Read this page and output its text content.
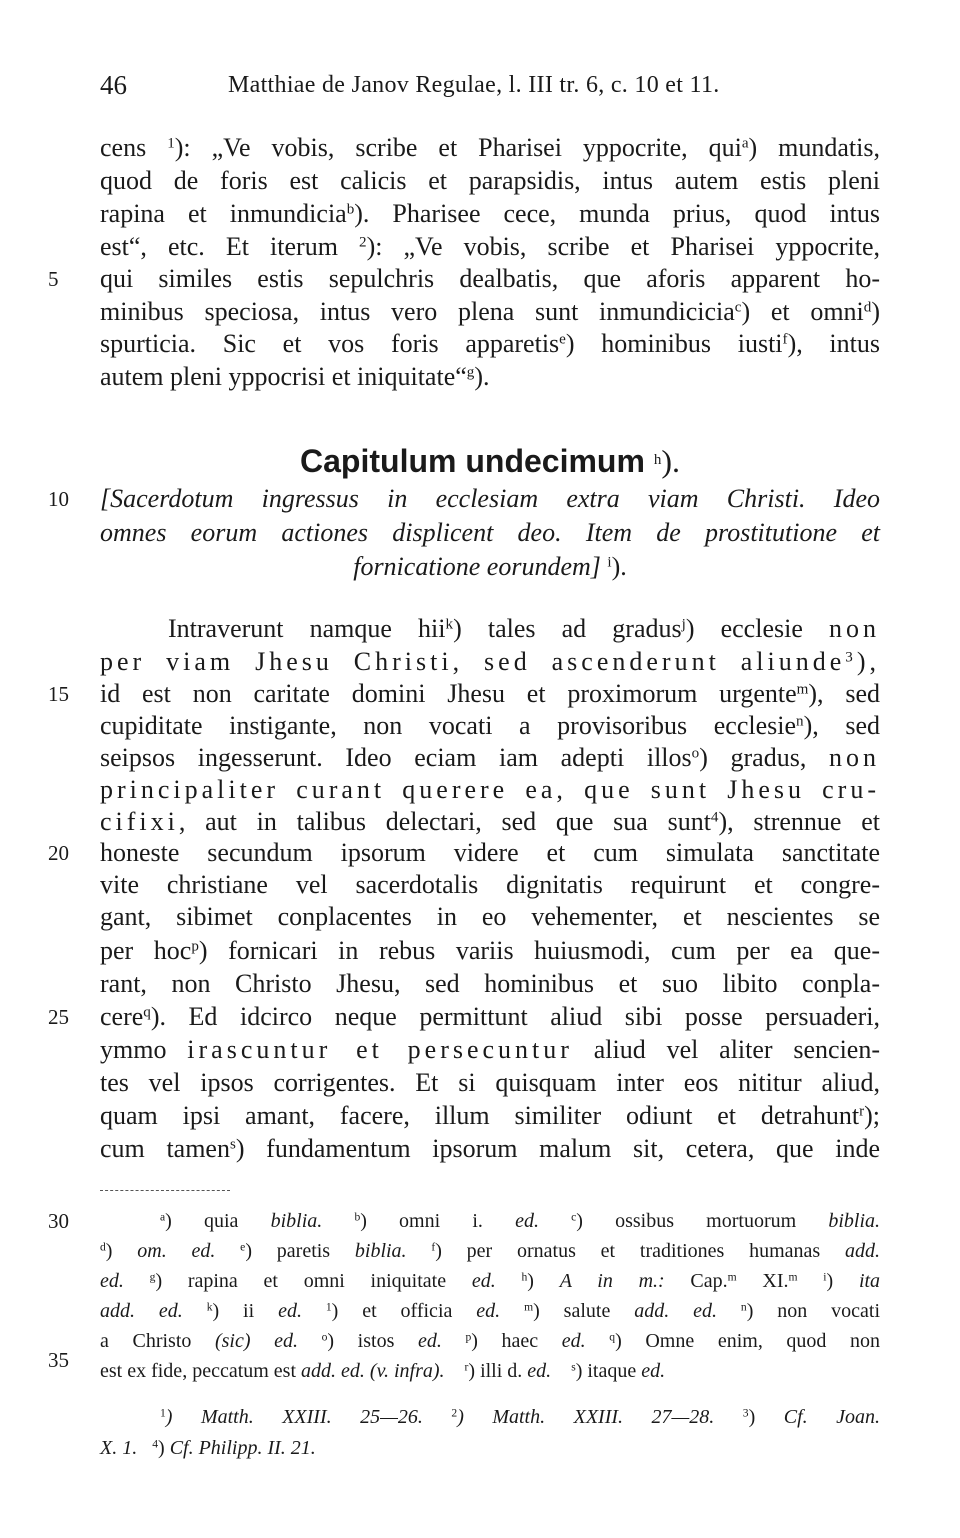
46	Matthiae de Janov Regulae, l. III tr. 6, c. 10 et 11.
5
10
15
20
25
30
35
cens $^1$): „Ve vobis, scribe et Pharisei yppocrite, qui$^a$) mundatis,
quod de foris est calicis et parapsidis, intus autem estis pleni
rapina et inmundicia$^b$). Pharisee cece, munda prius, quod intus
est“, etc. Et iterum $^2$): „Ve vobis, scribe et Pharisei yppocrite,
qui similes estis sepulchris dealbatis, que aforis apparent ho-
minibus speciosa, intus vero plena sunt inmundicicia$^c$) et omni$^d$)
spurticia. Sic et vos foris apparetis$^e$) hominibus iusti$^f$), intus
autem pleni yppocrisi et iniquitate“$^g$).
Capitulum undecimum $^h$).
[Sacerdotum ingressus in ecclesiam extra viam Christi. Ideo
omnes eorum actiones displicent deo. Item de prostitutione et
fornicatione eorundem] $^i$).
Intraverunt namque hii$^k$) tales ad gradus$^j$) ecclesie non
per viam Jhesu Christi, sed ascenderunt aliunde$^3$),
id est non caritate domini Jhesu et proximorum urgente$^m$), sed
cupiditate instigante, non vocati a provisoribus ecclesie$^n$), sed
seipsos ingesserunt. Ideo eciam iam adepti illos$^o$) gradus, non
principaliter curant querere ea, que sunt Jhesu cru-
cifixi, aut in talibus delectari, sed que sua sunt$^4$), strennue et
honeste secundum ipsorum videre et cum simulata sanctitate
vite christiane vel sacerdotalis dignitatis requirunt et congre-
gant, sibimet conplacentes in eo vehementer, et nescientes se
per hoc$^p$) fornicari in rebus variis huiusmodi, cum per ea que-
rant, non Christo Jhesu, sed hominibus et suo libito conpla-
cere$^q$). Ed idcirco neque permittunt aliud sibi posse persuaderi,
ymmo irascuntur et persecuntur aliud vel aliter sencien-
tes vel ipsos corrigentes. Et si quisquam inter eos nititur aliud,
quam ipsi amant, facere, illum similiter odiunt et detrahunt$^r$);
cum tamen$^s$) fundamentum ipsorum malum sit, cetera, que inde
$^a$) quia biblia.	$^b$) omni i. ed.	$^c$) ossibus mortuorum biblia.
$^d$) om. ed. $^e$) paretis biblia. $^f$) per ornatus et traditiones humanas add.
ed. $^g$) rapina et omni iniquitate ed. $^h$) A in m.: Cap.$^m$ XI.$^m$ $^i$) ita
add. ed. $^k$) ii ed. $^1$) et officia ed. $^m$) salute add. ed. $^n$) non vocati
a Christo (sic) ed. $^o$) istos ed. $^p$) haec ed. $^q$) Omne enim, quod non
est ex fide, peccatum est add. ed. (v. infra). $^r$) illi d. ed. $^s$) itaque ed.
$^1$) Matth. XXIII. 25—26. $^2$) Matth. XXIII. 27—28. $^3$) Cf. Joan.
X. 1. $^4$) Cf. Philipp. II. 21.
